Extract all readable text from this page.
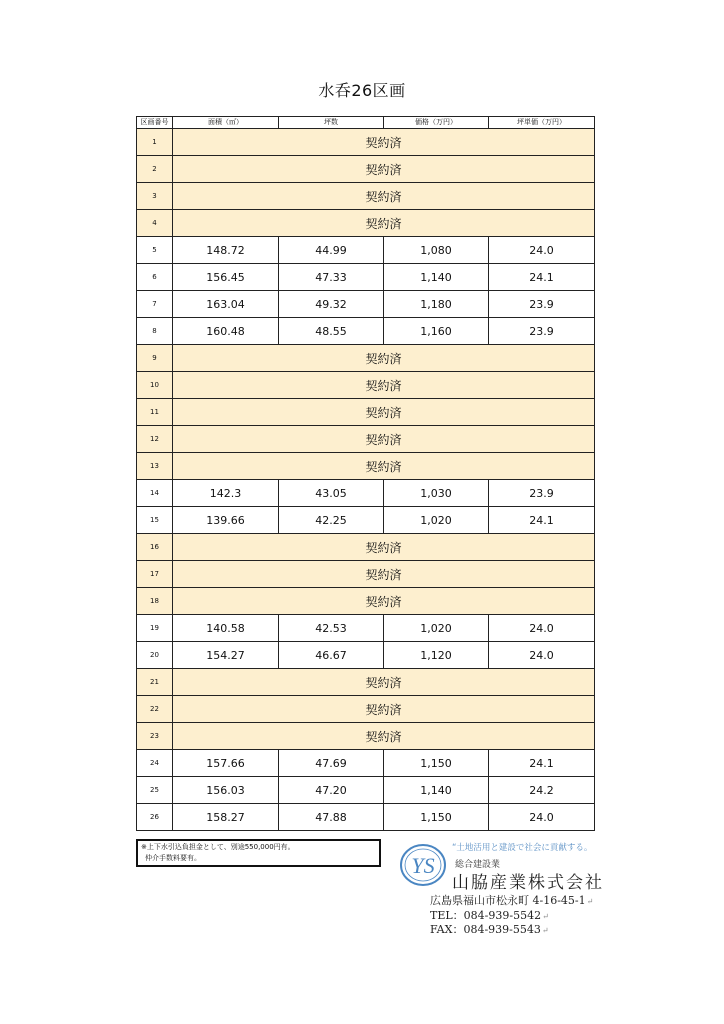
水呑26区画
区画番号	面積（㎡）	坪数	価格（万円）	坪単価（万円）
1	契約済			
2	契約済			
3	契約済			
4	契約済			
5	148.72	44.99	1,080	24.0
6	156.45	47.33	1,140	24.1
7	163.04	49.32	1,180	23.9
8	160.48	48.55	1,160	23.9
9	契約済			
10	契約済			
11	契約済			
12	契約済			
13	契約済			
14	142.3	43.05	1,030	23.9
15	139.66	42.25	1,020	24.1
16	契約済			
17	契約済			
18	契約済			
19	140.58	42.53	1,020	24.0
20	154.27	46.67	1,120	24.0
21	契約済			
22	契約済			
23	契約済			
24	157.66	47.69	1,150	24.1
25	156.03	47.20	1,140	24.2
26	158.27	47.88	1,150	24.0
※上下水引込負担金として、別途550,000円有。
仲介手数料要有。	YS
“土地活用と建設で社会に貢献する。
総合建設業
山脇産業株式会社
広島県福山市松永町 4-16-45-1↵
TEL：084-939-5542↵
FAX：084-939-5543↵
